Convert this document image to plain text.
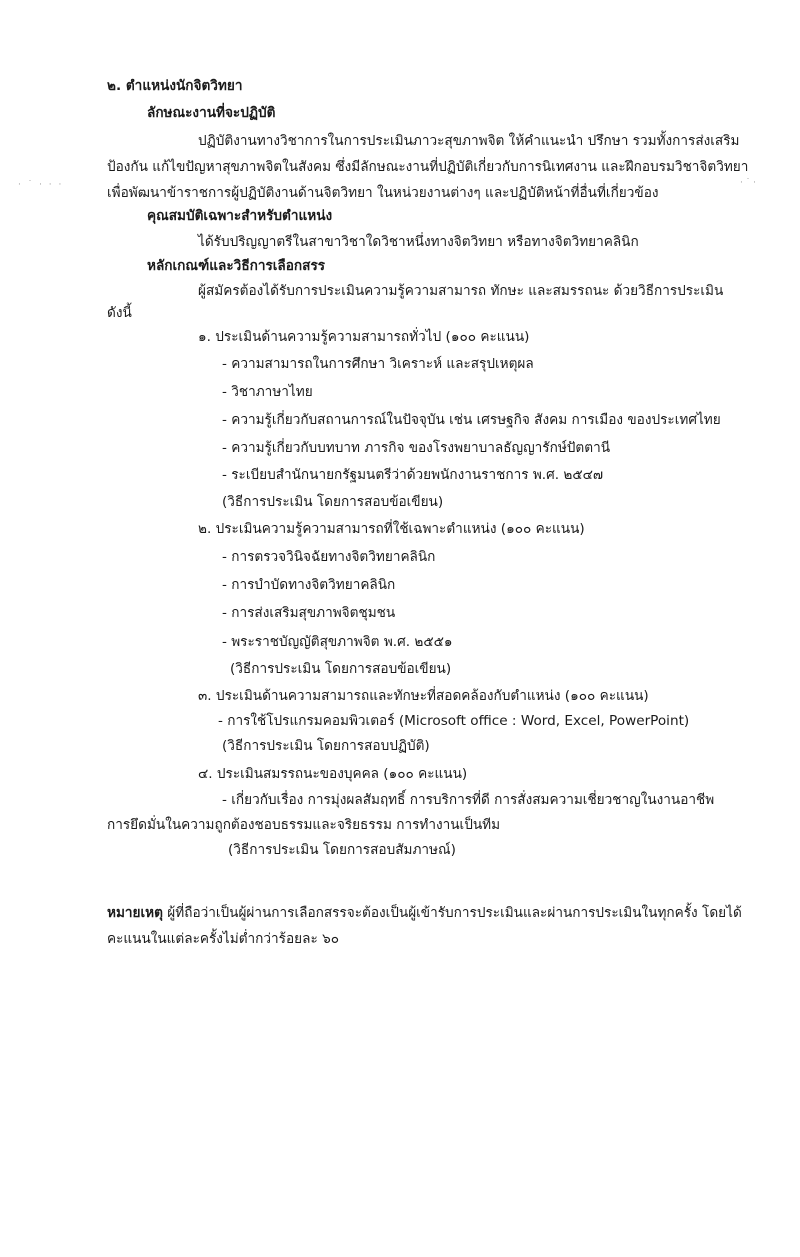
· ˙ · · ·	· ˙ ·
๒. ตำแหน่งนักจิตวิทยา
ลักษณะงานที่จะปฏิบัติ
ปฏิบัติงานทางวิชาการในการประเมินภาวะสุขภาพจิต ให้คำแนะนำ ปรึกษา รวมทั้งการส่งเสริม
ป้องกัน แก้ไขปัญหาสุขภาพจิตในสังคม ซึ่งมีลักษณะงานที่ปฏิบัติเกี่ยวกับการนิเทศงาน และฝึกอบรมวิชาจิตวิทยา
เพื่อพัฒนาข้าราชการผู้ปฏิบัติงานด้านจิตวิทยา ในหน่วยงานต่างๆ และปฏิบัติหน้าที่อื่นที่เกี่ยวข้อง
คุณสมบัติเฉพาะสำหรับตำแหน่ง
ได้รับปริญญาตรีในสาขาวิชาใดวิชาหนึ่งทางจิตวิทยา หรือทางจิตวิทยาคลินิก
หลักเกณฑ์และวิธีการเลือกสรร
ผู้สมัครต้องได้รับการประเมินความรู้ความสามารถ ทักษะ และสมรรถนะ ด้วยวิธีการประเมิน
ดังนี้
๑. ประเมินด้านความรู้ความสามารถทั่วไป (๑๐๐ คะแนน)
- ความสามารถในการศึกษา วิเคราะห์ และสรุปเหตุผล
- วิชาภาษาไทย
- ความรู้เกี่ยวกับสถานการณ์ในปัจจุบัน เช่น เศรษฐกิจ สังคม การเมือง ของประเทศไทย
- ความรู้เกี่ยวกับบทบาท ภารกิจ ของโรงพยาบาลธัญญารักษ์ปัตตานี
- ระเบียบสำนักนายกรัฐมนตรีว่าด้วยพนักงานราชการ พ.ศ. ๒๕๔๗
(วิธีการประเมิน โดยการสอบข้อเขียน)
๒. ประเมินความรู้ความสามารถที่ใช้เฉพาะตำแหน่ง (๑๐๐ คะแนน)
- การตรวจวินิจฉัยทางจิตวิทยาคลินิก
- การบำบัดทางจิตวิทยาคลินิก
- การส่งเสริมสุขภาพจิตชุมชน
- พระราชบัญญัติสุขภาพจิต พ.ศ. ๒๕๕๑
(วิธีการประเมิน โดยการสอบข้อเขียน)
๓. ประเมินด้านความสามารถและทักษะที่สอดคล้องกับตำแหน่ง (๑๐๐ คะแนน)
- การใช้โปรแกรมคอมพิวเตอร์ (Microsoft office : Word, Excel, PowerPoint)
(วิธีการประเมิน โดยการสอบปฏิบัติ)
๔. ประเมินสมรรถนะของบุคคล (๑๐๐ คะแนน)
- เกี่ยวกับเรื่อง การมุ่งผลสัมฤทธิ์ การบริการที่ดี การสั่งสมความเชี่ยวชาญในงานอาชีพ
การยึดมั่นในความถูกต้องชอบธรรมและจริยธรรม การทำงานเป็นทีม
(วิธีการประเมิน โดยการสอบสัมภาษณ์)
หมายเหตุ ผู้ที่ถือว่าเป็นผู้ผ่านการเลือกสรรจะต้องเป็นผู้เข้ารับการประเมินและผ่านการประเมินในทุกครั้ง โดยได้
คะแนนในแต่ละครั้งไม่ต่ำกว่าร้อยละ ๖๐
